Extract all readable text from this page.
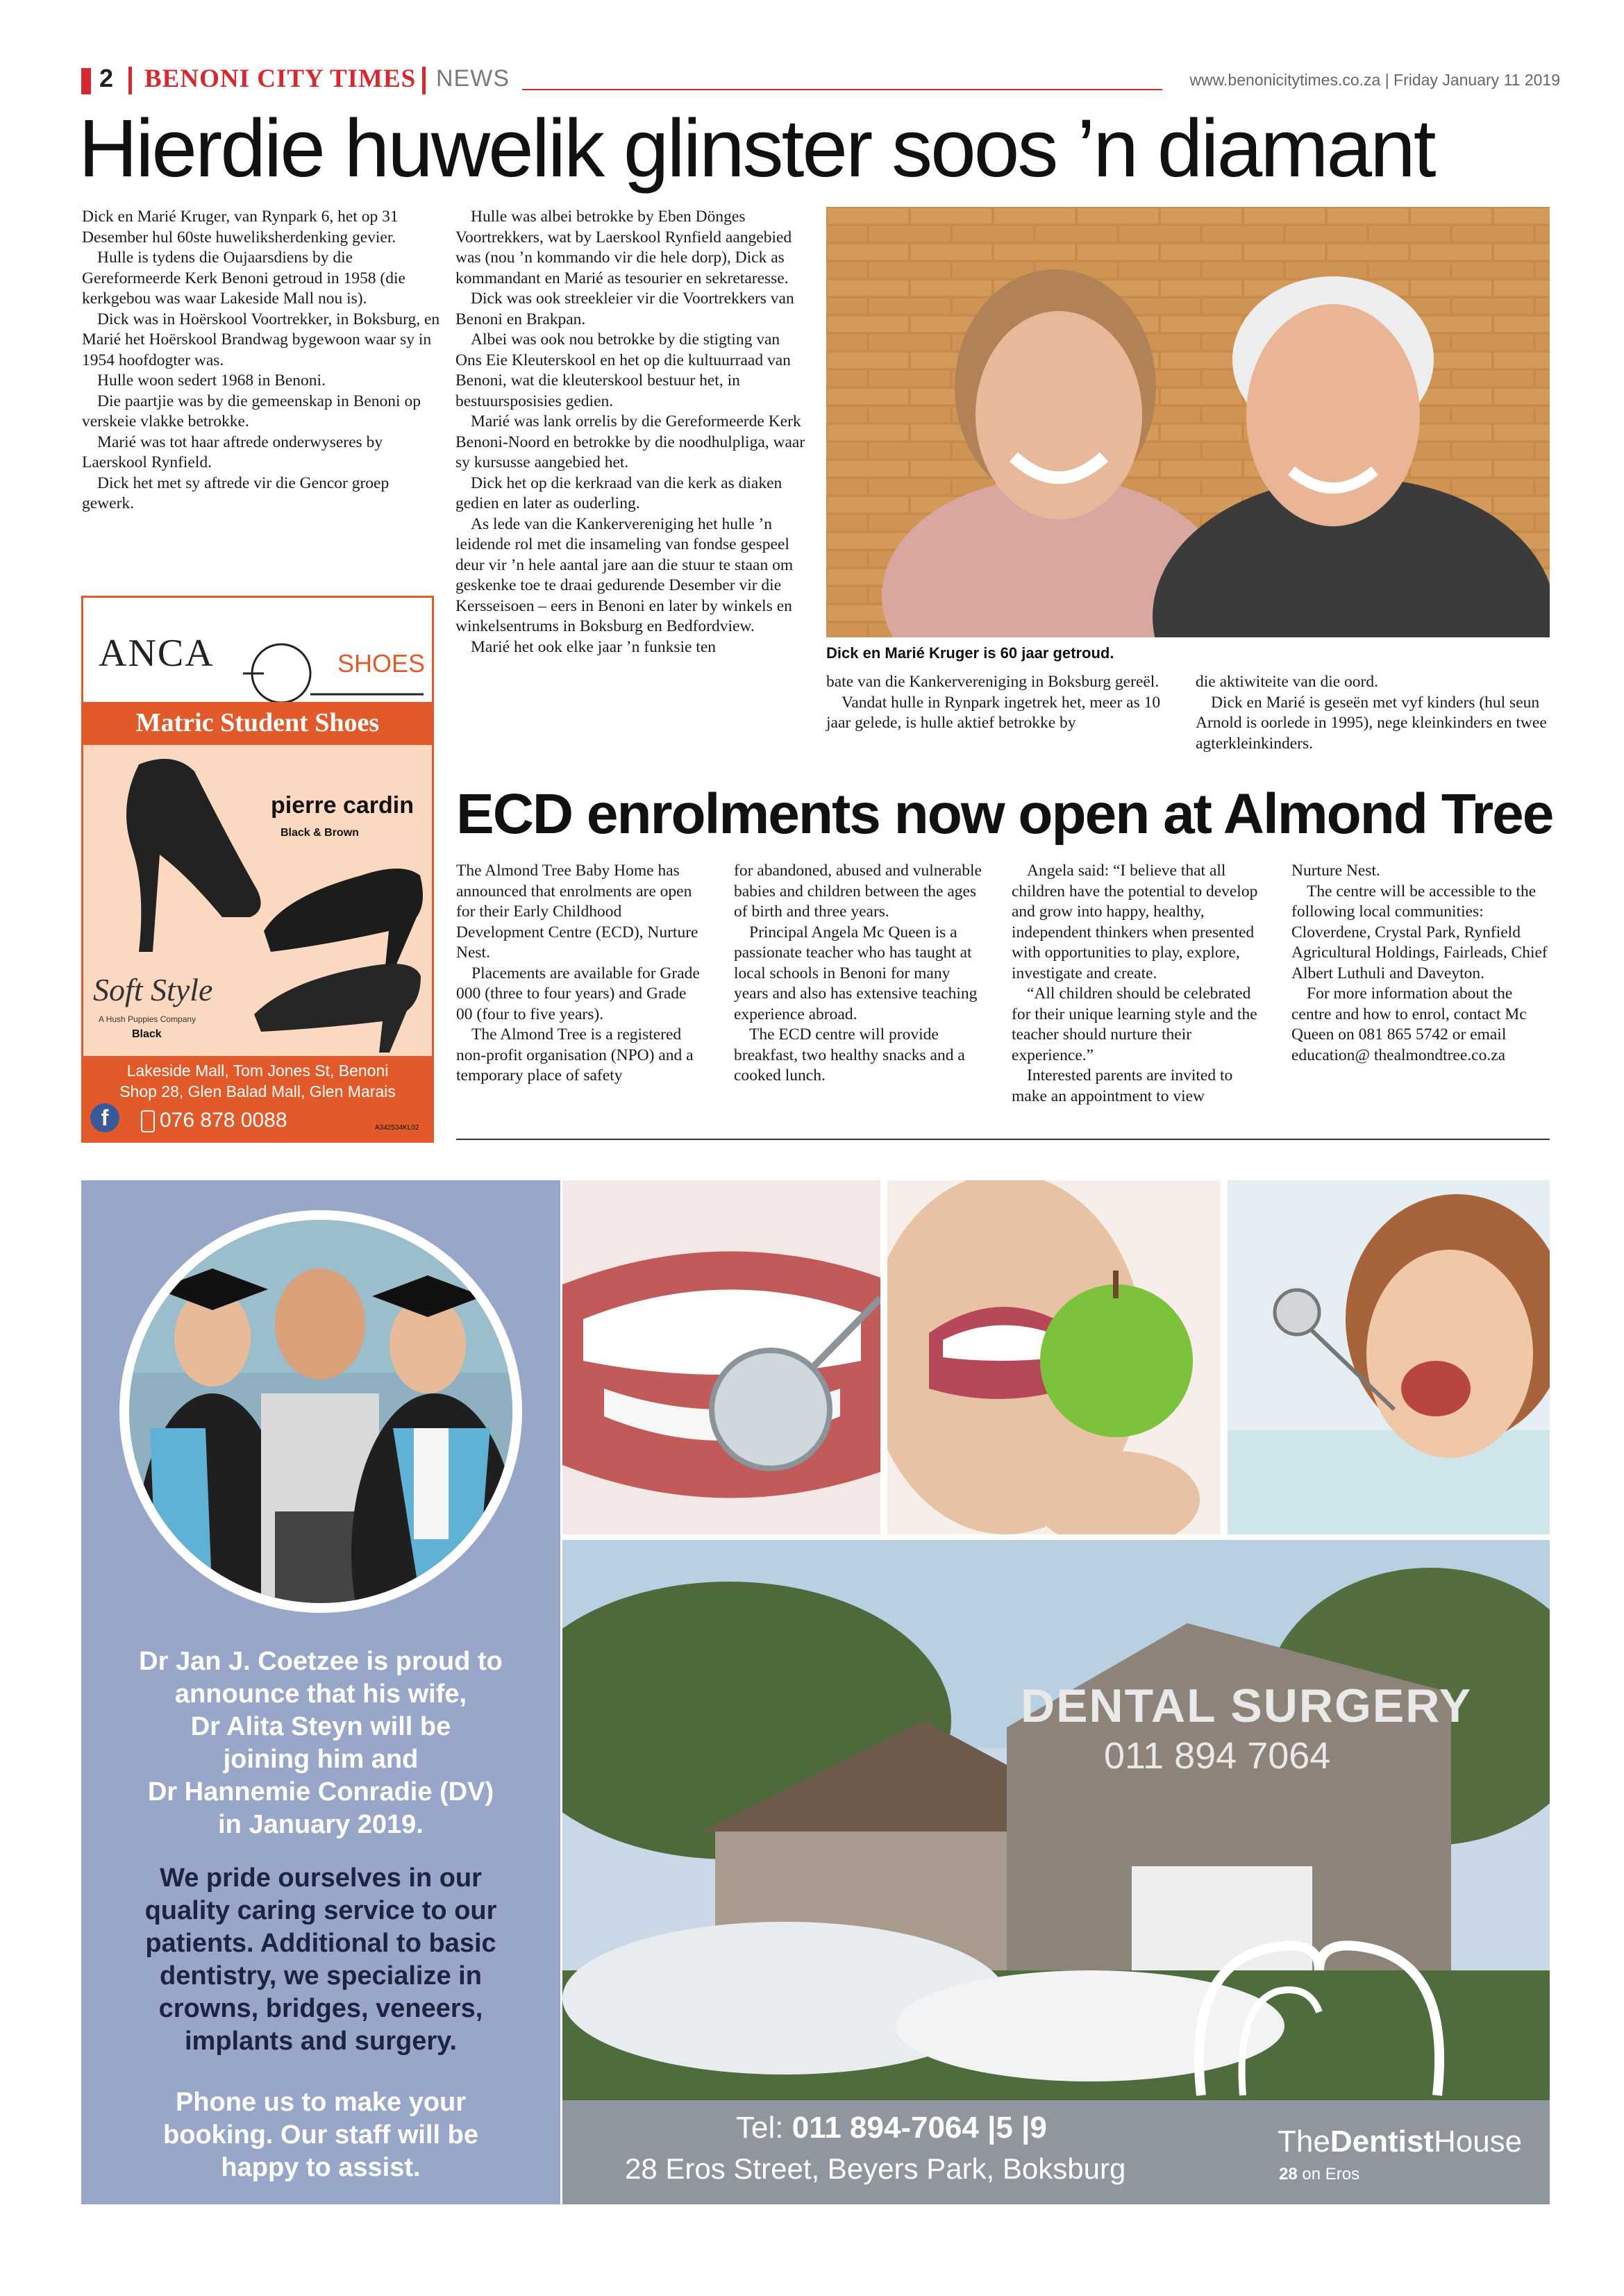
2 BENONI CITY TIMES NEWS	www.benonicitytimes.co.za | Friday January 11 2019
Hierdie huwelik glinster soos ’n diamant

Dick en Marié Kruger, van Rynpark 6, het op 31 Desember hul 60ste huweliksherdenking gevier.

Hulle is tydens die Oujaarsdiens by die Gereformeerde Kerk Benoni getroud in 1958 (die kerkgebou was waar Lakeside Mall nou is).

Dick was in Hoërskool Voortrekker, in Boksburg, en Marié het Hoërskool Brandwag bygewoon waar sy in 1954 hoofdogter was.

Hulle woon sedert 1968 in Benoni.

Die paartjie was by die gemeenskap in Benoni op verskeie vlakke betrokke.

Marié was tot haar aftrede onderwyseres by Laerskool Rynfield.

Dick het met sy aftrede vir die Gencor groep gewerk.

Hulle was albei betrokke by Eben Dönges Voortrekkers, wat by Laerskool Rynfield aangebied was (nou ’n kommando vir die hele dorp), Dick as kommandant en Marié as tesourier en sekretaresse.

Dick was ook streekleier vir die Voortrekkers van Benoni en Brakpan.

Albei was ook nou betrokke by die stigting van Ons Eie Kleuterskool en het op die kultuurraad van Benoni, wat die kleuterskool bestuur het, in bestuursposisies gedien.

Marié was lank orrelis by die Gereformeerde Kerk Benoni-Noord en betrokke by die noodhulpliga, waar sy kursusse aangebied het.

Dick het op die kerkraad van die kerk as diaken gedien en later as ouderling.

As lede van die Kankervereniging het hulle ’n leidende rol met die insameling van fondse gespeel deur vir ’n hele aantal jare aan die stuur te staan om geskenke toe te draai gedurende Desember vir die Kersseisoen – eers in Benoni en later by winkels en winkelsentrums in Boksburg en Bedfordview.

Marié het ook elke jaar ’n funksie ten	Dick en Marié Kruger is 60 jaar getroud.

bate van die Kankervereniging in Boksburg gereël.

Vandat hulle in Rynpark ingetrek het, meer as 10 jaar gelede, is hulle aktief betrokke by

die aktiwiteite van die oord.

Dick en Marié is geseën met vyf kinders (hul seun Arnold is oorlede in 1995), nege kleinkinders en twee agterkleinkinders.

ANCA	SHOES
Matric Student Shoes
pierre cardin
Black & Brown
Soft Style
A Hush Puppies Company
Black
Lakeside Mall, Tom Jones St, Benoni
Shop 28, Glen Balad Mall, Glen Marais
f	076 878 0088	A342534KL02
ECD enrolments now open at Almond Tree

The Almond Tree Baby Home has announced that enrolments are open for their Early Childhood Development Centre (ECD), Nurture Nest.

Placements are available for Grade 000 (three to four years) and Grade 00 (four to five years).

The Almond Tree is a registered non-profit organisation (NPO) and a temporary place of safety

for abandoned, abused and vulnerable babies and children between the ages of birth and three years.

Principal Angela Mc Queen is a passionate teacher who has taught at local schools in Benoni for many years and also has extensive teaching experience abroad.

The ECD centre will provide breakfast, two healthy snacks and a cooked lunch.

Angela said: “I believe that all children have the potential to develop and grow into happy, healthy, independent thinkers when presented with opportunities to play, explore, investigate and create.

“All children should be celebrated for their unique learning style and the teacher should nurture their experience.”

Interested parents are invited to make an appointment to view

Nurture Nest.

The centre will be accessible to the following local communities: Cloverdene, Crystal Park, Rynfield Agricultural Holdings, Fairleads, Chief Albert Luthuli and Daveyton.

For more information about the centre and how to enrol, contact Mc Queen on 081 865 5742 or email education@ thealmondtree.co.za

Dr Jan J. Coetzee is proud to
announce that his wife,
Dr Alita Steyn will be
joining him and
Dr Hannemie Conradie (DV)
in January 2019.
We pride ourselves in our
quality caring service to our
patients. Additional to basic
dentistry, we specialize in
crowns, bridges, veneers,
implants and surgery.
Phone us to make your
booking. Our staff will be
happy to assist.
DENTAL SURGERY
011 894 7064
Tel: 011 894-7064 |5 |9
28 Eros Street, Beyers Park, Boksburg
TheDentistHouse
28 on Eros
